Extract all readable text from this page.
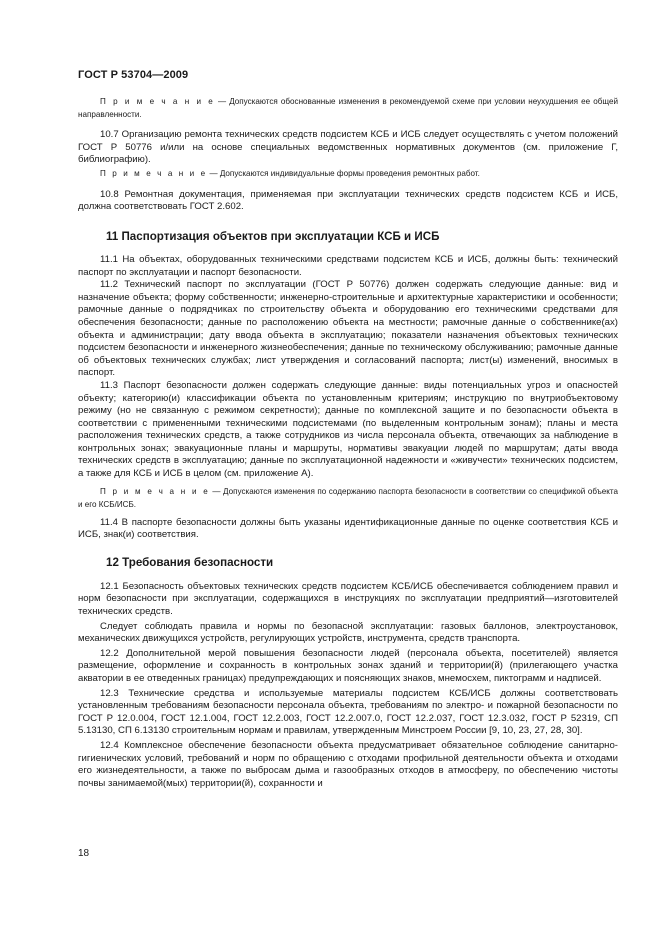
ГОСТ Р 53704—2009

П р и м е ч а н и е — Допускаются обоснованные изменения в рекомендуемой схеме при условии неухудшения ее общей направленности.

10.7 Организацию ремонта технических средств подсистем КСБ и ИСБ следует осуществлять с учетом положений ГОСТ Р 50776 и/или на основе специальных ведомственных нормативных документов (см. приложение Г, библиографию).

П р и м е ч а н и е — Допускаются индивидуальные формы проведения ремонтных работ.

10.8 Ремонтная документация, применяемая при эксплуатации технических средств подсистем КСБ и ИСБ, должна соответствовать ГОСТ 2.602.

11 Паспортизация объектов при эксплуатации КСБ и ИСБ

11.1 На объектах, оборудованных техническими средствами подсистем КСБ и ИСБ, должны быть: технический паспорт по эксплуатации и паспорт безопасности.

11.2 Технический паспорт по эксплуатации (ГОСТ Р 50776) должен содержать следующие данные: вид и назначение объекта; форму собственности; инженерно-строительные и архитектурные характеристики и особенности; рамочные данные о подрядчиках по строительству объекта и оборудованию его техническими средствами для обеспечения безопасности; данные по расположению объекта на местности; рамочные данные о собственнике(ах) объекта и администрации; дату ввода объекта в эксплуатацию; показатели назначения объектовых технических подсистем безопасности и инженерного жизнеобеспечения; данные по техническому обслуживанию; рамочные данные об объектовых технических службах; лист утверждения и согласований паспорта; лист(ы) изменений, вносимых в паспорт.

11.3 Паспорт безопасности должен содержать следующие данные: виды потенциальных угроз и опасностей объекту; категорию(и) классификации объекта по установленным критериям; инструкцию по внутриобъектовому режиму (но не связанную с режимом секретности); данные по комплексной защите и по безопасности объекта в соответствии с примененными техническими подсистемами (по выделенным контрольным зонам); планы и места расположения технических средств, а также сотрудников из числа персонала объекта, отвечающих за наблюдение в контрольных зонах; эвакуационные планы и маршруты, нормативы эвакуации людей по маршрутам; даты ввода технических средств в эксплуатацию; данные по эксплуатационной надежности и «живучести» технических подсистем, а также для КСБ и ИСБ в целом (см. приложение А).

П р и м е ч а н и е — Допускаются изменения по содержанию паспорта безопасности в соответствии со спецификой объекта и его КСБ/ИСБ.

11.4 В паспорте безопасности должны быть указаны идентификационные данные по оценке соответствия КСБ и ИСБ, знак(и) соответствия.

12 Требования безопасности

12.1 Безопасность объектовых технических средств подсистем КСБ/ИСБ обеспечивается соблюдением правил и норм безопасности при эксплуатации, содержащихся в инструкциях по эксплуатации предприятий—изготовителей технических средств.

Следует соблюдать правила и нормы по безопасной эксплуатации: газовых баллонов, электроустановок, механических движущихся устройств, регулирующих устройств, инструмента, средств транспорта.

12.2 Дополнительной мерой повышения безопасности людей (персонала объекта, посетителей) является размещение, оформление и сохранность в контрольных зонах зданий и территории(й) (прилегающего участка акватории в ее отведенных границах) предупреждающих и поясняющих знаков, мнемосхем, пиктограмм и надписей.

12.3 Технические средства и используемые материалы подсистем КСБ/ИСБ должны соответствовать установленным требованиям безопасности персонала объекта, требованиям по электро- и пожарной безопасности по ГОСТ Р 12.0.004, ГОСТ 12.1.004, ГОСТ 12.2.003, ГОСТ 12.2.007.0, ГОСТ 12.2.037, ГОСТ 12.3.032, ГОСТ Р 52319, СП 5.13130, СП 6.13130 строительным нормам и правилам, утвержденным Минстроем России [9, 10, 23, 27, 28, 30].

12.4 Комплексное обеспечение безопасности объекта предусматривает обязательное соблюдение санитарно-гигиенических условий, требований и норм по обращению с отходами профильной деятельности объекта и отходами его жизнедеятельности, а также по выбросам дыма и газообразных отходов в атмосферу, по обеспечению чистоты почвы занимаемой(мых) территории(й), сохранности и

18
